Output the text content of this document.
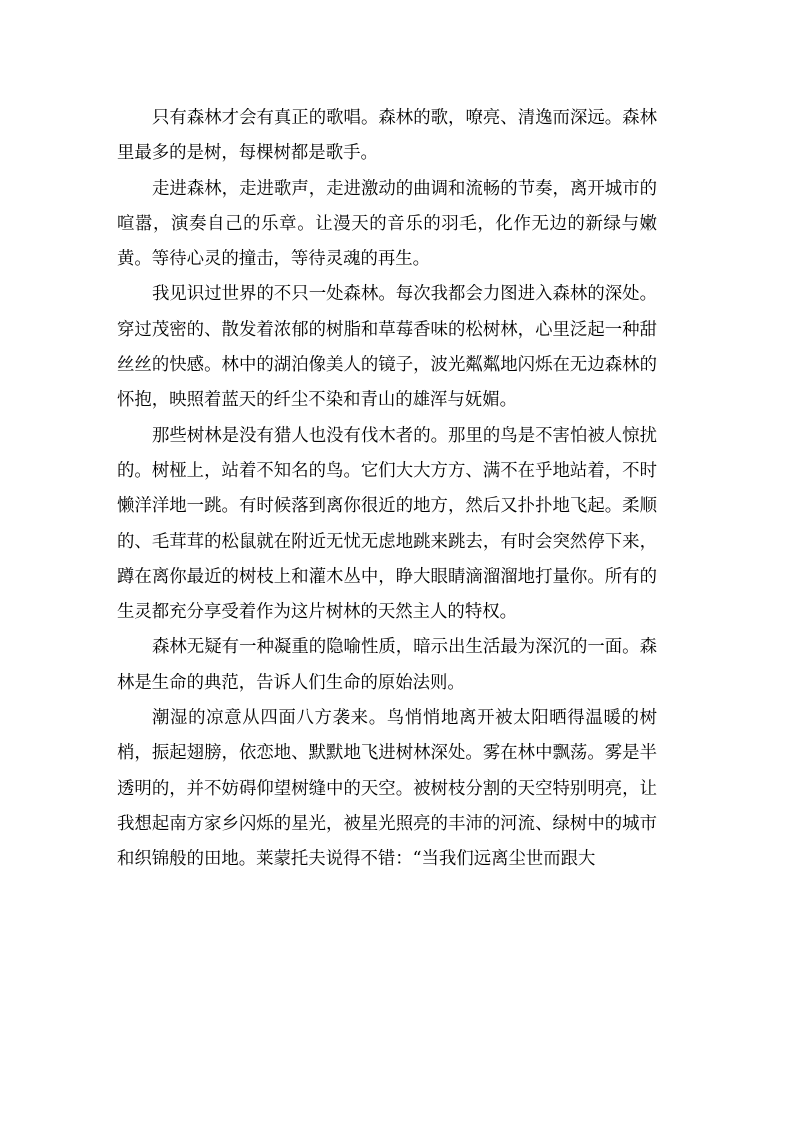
只有森林才会有真正的歌唱。森林的歌，嘹亮、清逸而深远。森林里最多的是树，每棵树都是歌手。

走进森林，走进歌声，走进激动的曲调和流畅的节奏，离开城市的喧嚣，演奏自己的乐章。让漫天的音乐的羽毛，化作无边的新绿与嫩黄。等待心灵的撞击，等待灵魂的再生。

我见识过世界的不只一处森林。每次我都会力图进入森林的深处。穿过茂密的、散发着浓郁的树脂和草莓香味的松树林，心里泛起一种甜丝丝的快感。林中的湖泊像美人的镜子，波光粼粼地闪烁在无边森林的怀抱，映照着蓝天的纤尘不染和青山的雄浑与妩媚。

那些树林是没有猎人也没有伐木者的。那里的鸟是不害怕被人惊扰的。树桠上，站着不知名的鸟。它们大大方方、满不在乎地站着，不时懒洋洋地一跳。有时候落到离你很近的地方，然后又扑扑地飞起。柔顺的、毛茸茸的松鼠就在附近无忧无虑地跳来跳去，有时会突然停下来，蹲在离你最近的树枝上和灌木丛中，睁大眼睛滴溜溜地打量你。所有的生灵都充分享受着作为这片树林的天然主人的特权。

森林无疑有一种凝重的隐喻性质，暗示出生活最为深沉的一面。森林是生命的典范，告诉人们生命的原始法则。

潮湿的凉意从四面八方袭来。鸟悄悄地离开被太阳晒得温暖的树梢，振起翅膀，依恋地、默默地飞进树林深处。雾在林中飘荡。雾是半透明的，并不妨碍仰望树缝中的天空。被树枝分割的天空特别明亮，让我想起南方家乡闪烁的星光，被星光照亮的丰沛的河流、绿树中的城市和织锦般的田地。莱蒙托夫说得不错：“当我们远离尘世而跟大
